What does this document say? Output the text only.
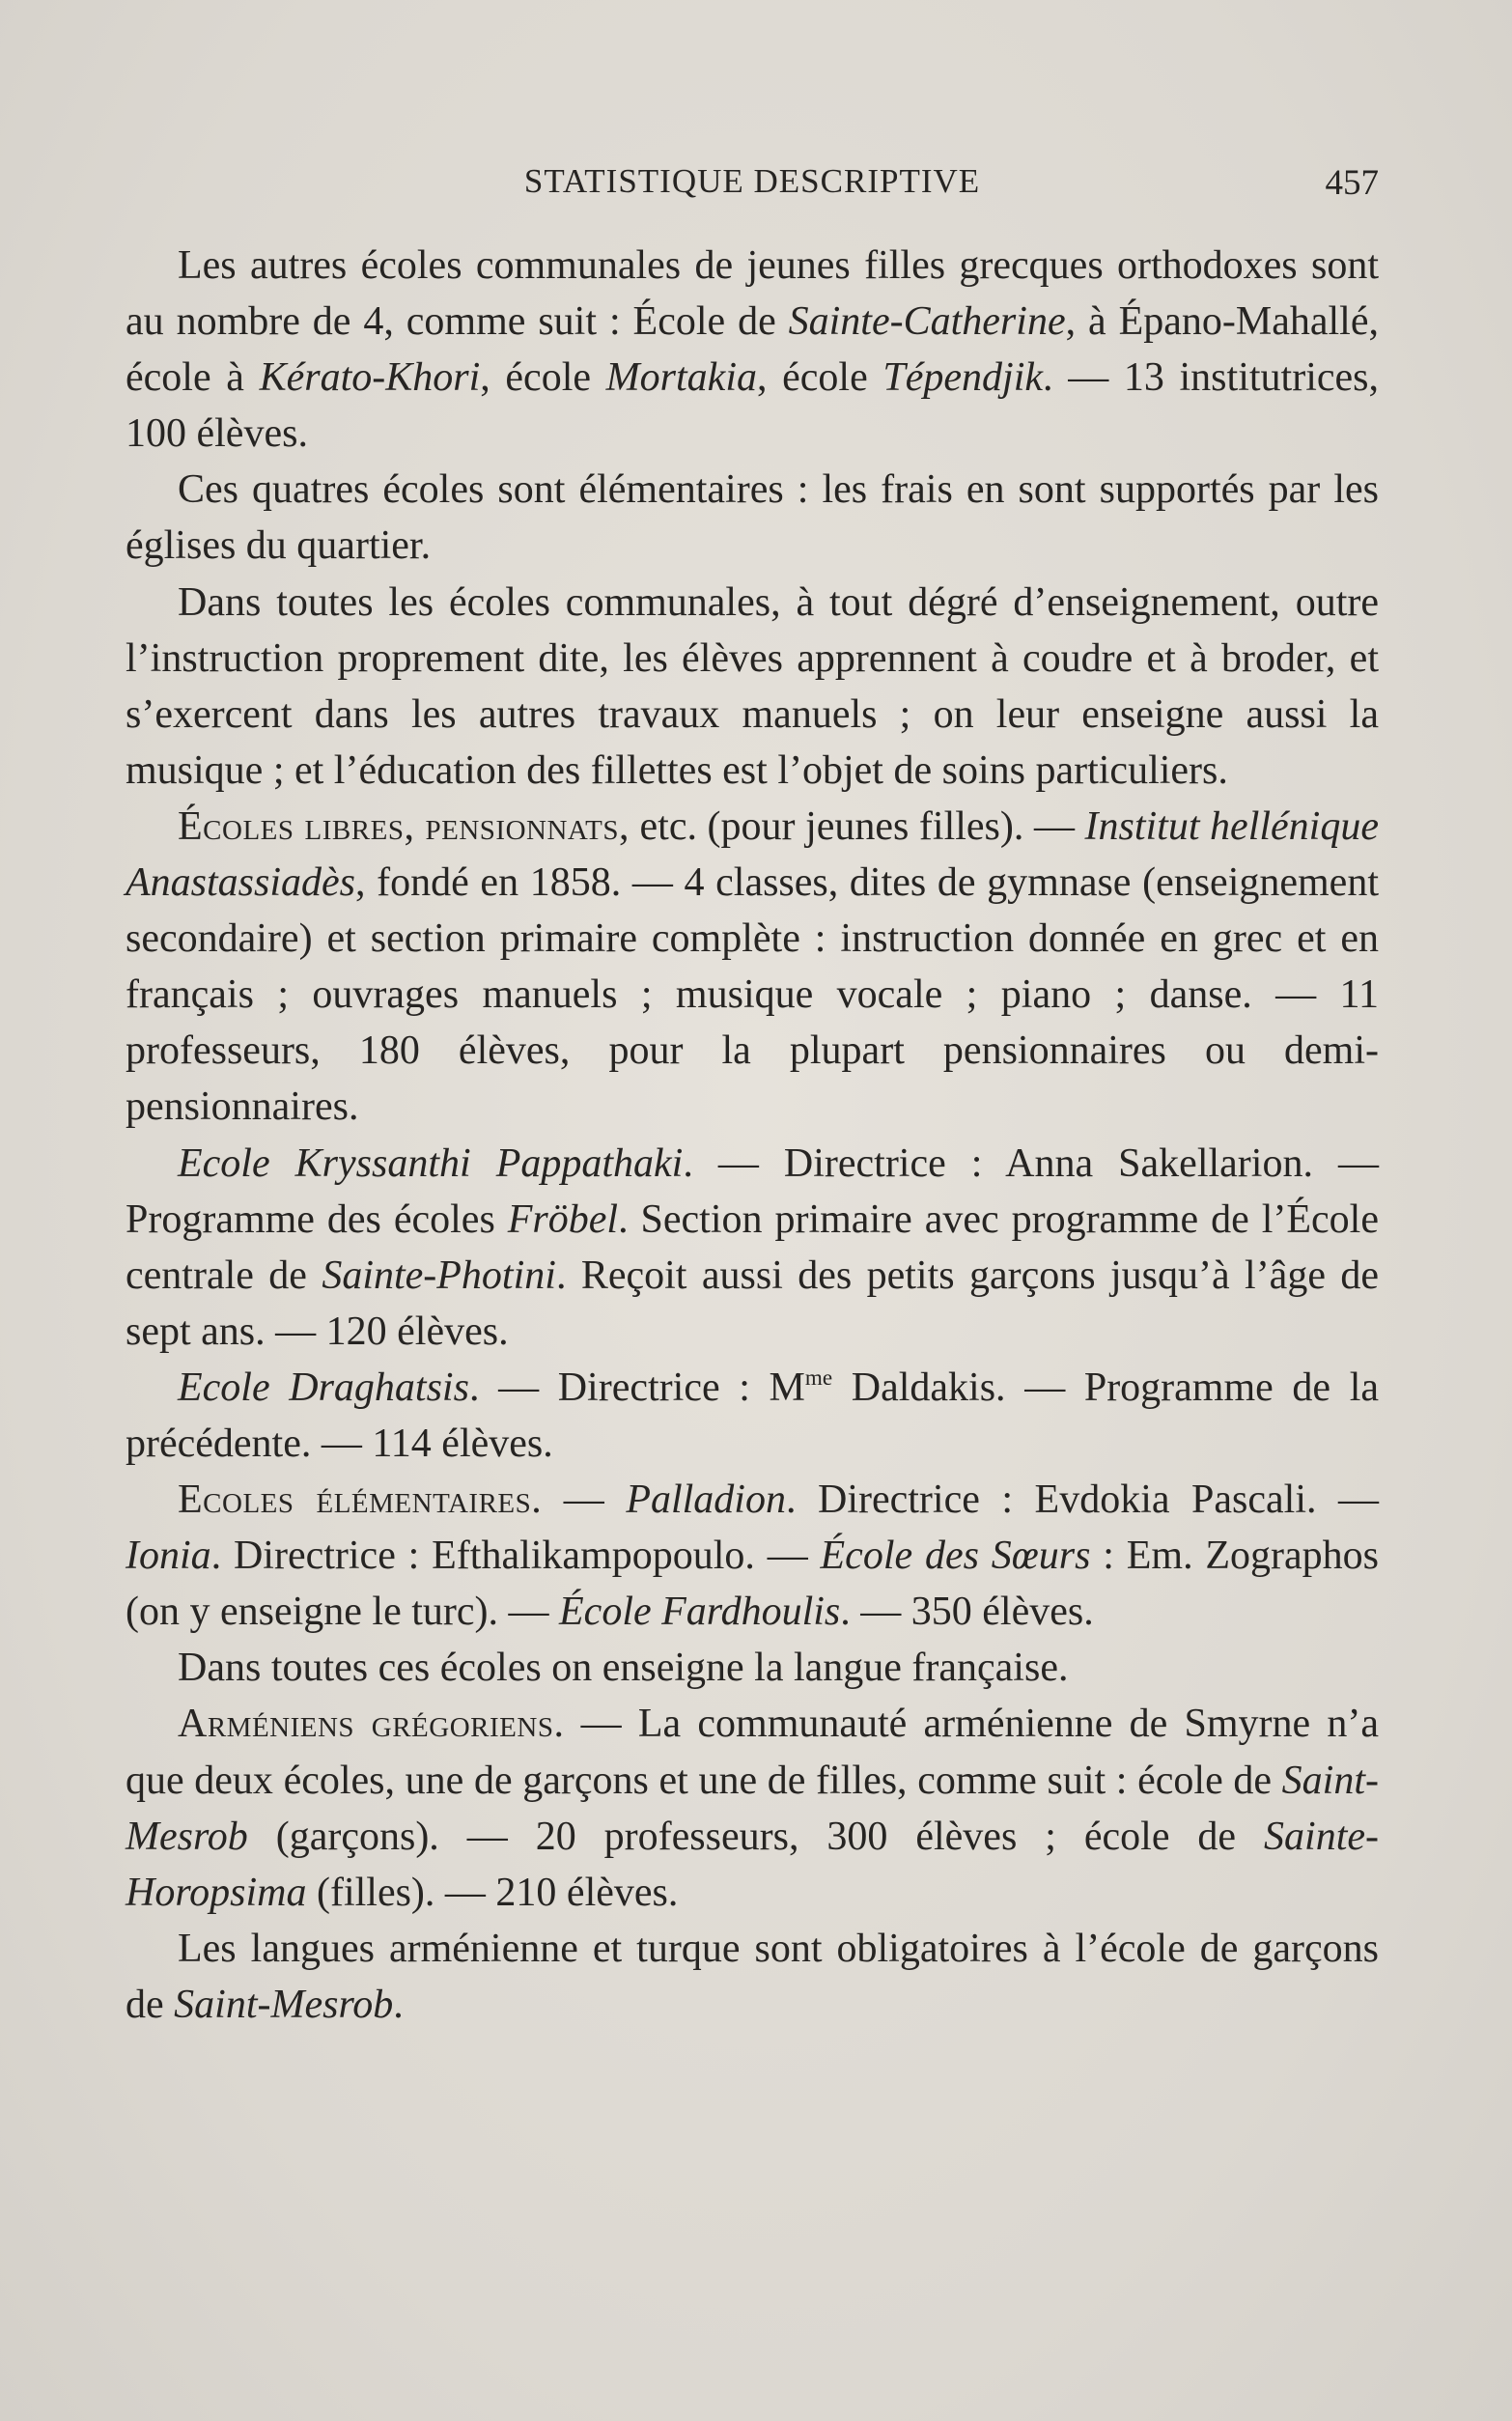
STATISTIQUE DESCRIPTIVE	457

Les autres écoles communales de jeunes filles grecques orthodoxes sont au nombre de 4, comme suit : École de Sainte-Catherine, à Épano-Mahallé, école à Kérato-Khori, école Mortakia, école Tépendjik. — 13 institutrices, 100 élèves.

Ces quatres écoles sont élémentaires : les frais en sont supportés par les églises du quartier.

Dans toutes les écoles communales, à tout dégré d’enseignement, outre l’instruction proprement dite, les élèves apprennent à coudre et à broder, et s’exercent dans les autres travaux manuels ; on leur enseigne aussi la musique ; et l’éducation des fillettes est l’objet de soins particuliers.

Écoles libres, pensionnats, etc. (pour jeunes filles). — Institut hellénique Anastassiadès, fondé en 1858. — 4 classes, dites de gymnase (enseignement secondaire) et section primaire complète : instruction donnée en grec et en français ; ouvrages manuels ; musique vocale ; piano ; danse. — 11 professeurs, 180 élèves, pour la plupart pensionnaires ou demi-pensionnaires.

Ecole Kryssanthi Pappathaki. — Directrice : Anna Sakellarion. — Programme des écoles Fröbel. Section primaire avec programme de l’École centrale de Sainte-Photini. Reçoit aussi des petits garçons jusqu’à l’âge de sept ans. — 120 élèves.

Ecole Draghatsis. — Directrice : $M^{me}$ Daldakis. — Programme de la précédente. — 114 élèves.

Ecoles élémentaires. — Palladion. Directrice : Evdokia Pascali. — Ionia. Directrice : Efthalikampopoulo. — École des Sœurs : Em. Zographos (on y enseigne le turc). — École Fardhoulis. — 350 élèves.

Dans toutes ces écoles on enseigne la langue française.

Arméniens grégoriens. — La communauté arménienne de Smyrne n’a que deux écoles, une de garçons et une de filles, comme suit : école de Saint-Mesrob (garçons). — 20 professeurs, 300 élèves ; école de Sainte-Horopsima (filles). — 210 élèves.

Les langues arménienne et turque sont obligatoires à l’école de garçons de Saint-Mesrob.
